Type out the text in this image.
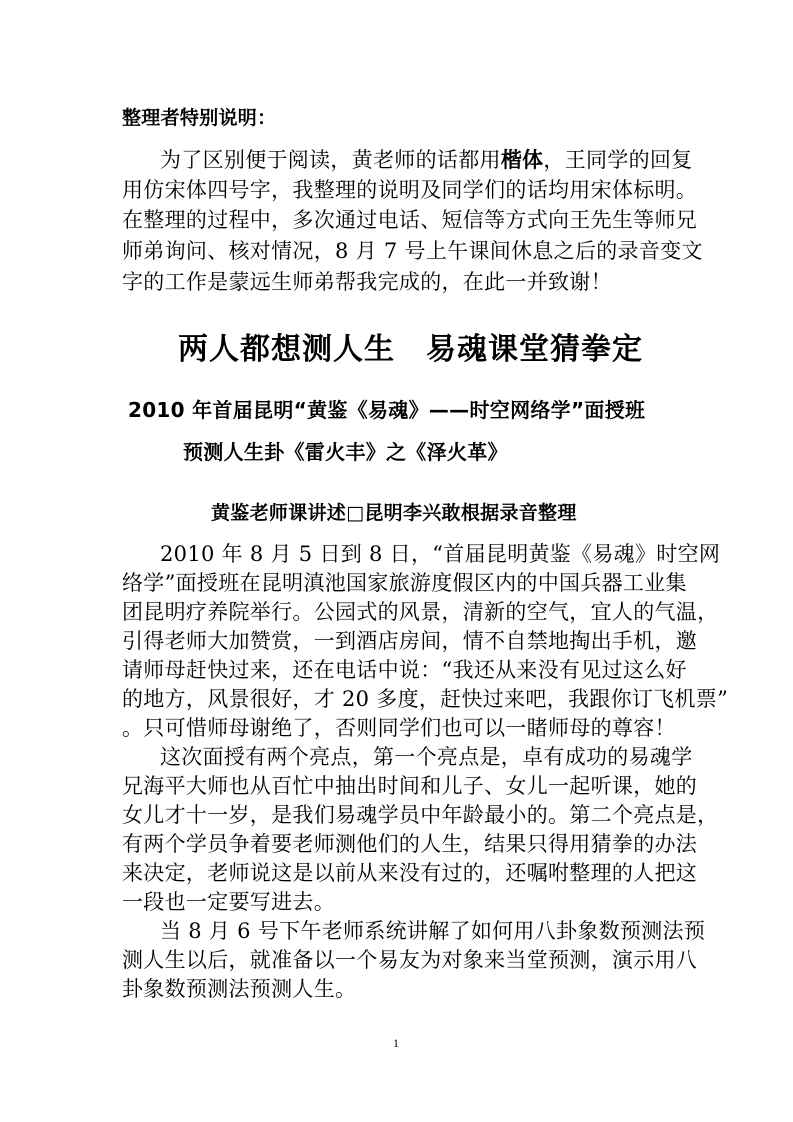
整理者特别说明：
为了区别便于阅读，黄老师的话都用楷体，王同学的回复
用仿宋体四号字，我整理的说明及同学们的话均用宋体标明。
在整理的过程中，多次通过电话、短信等方式向王先生等师兄
师弟询问、核对情况，8 月 7 号上午课间休息之后的录音变文
字的工作是蒙远生师弟帮我完成的，在此一并致谢！
两人都想测人生　易魂课堂猜拳定
2010 年首届昆明“黄鉴《易魂》——时空网络学”面授班
预测人生卦《雷火丰》之《泽火革》
黄鉴老师课讲述□昆明李兴敢根据录音整理
2010 年 8 月 5 日到 8 日，“首届昆明黄鉴《易魂》时空网
络学”面授班在昆明滇池国家旅游度假区内的中国兵器工业集
团昆明疗养院举行。公园式的风景，清新的空气，宜人的气温，
引得老师大加赞赏，一到酒店房间，情不自禁地掏出手机，邀
请师母赶快过来，还在电话中说：“我还从来没有见过这么好
的地方，风景很好，才 20 多度，赶快过来吧，我跟你订飞机票”
。只可惜师母谢绝了，否则同学们也可以一睹师母的尊容！
这次面授有两个亮点，第一个亮点是，卓有成功的易魂学
兄海平大师也从百忙中抽出时间和儿子、女儿一起听课，她的
女儿才十一岁，是我们易魂学员中年龄最小的。第二个亮点是，
有两个学员争着要老师测他们的人生，结果只得用猜拳的办法
来决定，老师说这是以前从来没有过的，还嘱咐整理的人把这
一段也一定要写进去。
当 8 月 6 号下午老师系统讲解了如何用八卦象数预测法预
测人生以后，就准备以一个易友为对象来当堂预测，演示用八
卦象数预测法预测人生。
1
